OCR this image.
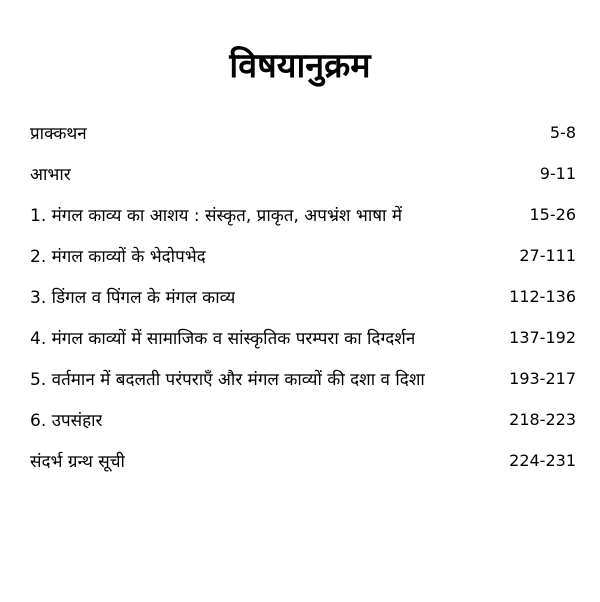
विषयानुक्रम
प्राक्कथन	5-8
आभार	9-11
1. मंगल काव्य का आशय : संस्कृत, प्राकृत, अपभ्रंश भाषा में	15-26
2. मंगल काव्यों के भेदोपभेद	27-111
3. डिंगल व पिंगल के मंगल काव्य	112-136
4. मंगल काव्यों में सामाजिक व सांस्कृतिक परम्परा का दिग्दर्शन	137-192
5. वर्तमान में बदलती परंपराएँ और मंगल काव्यों की दशा व दिशा	193-217
6. उपसंहार	218-223
संदर्भ ग्रन्थ सूची	224-231
